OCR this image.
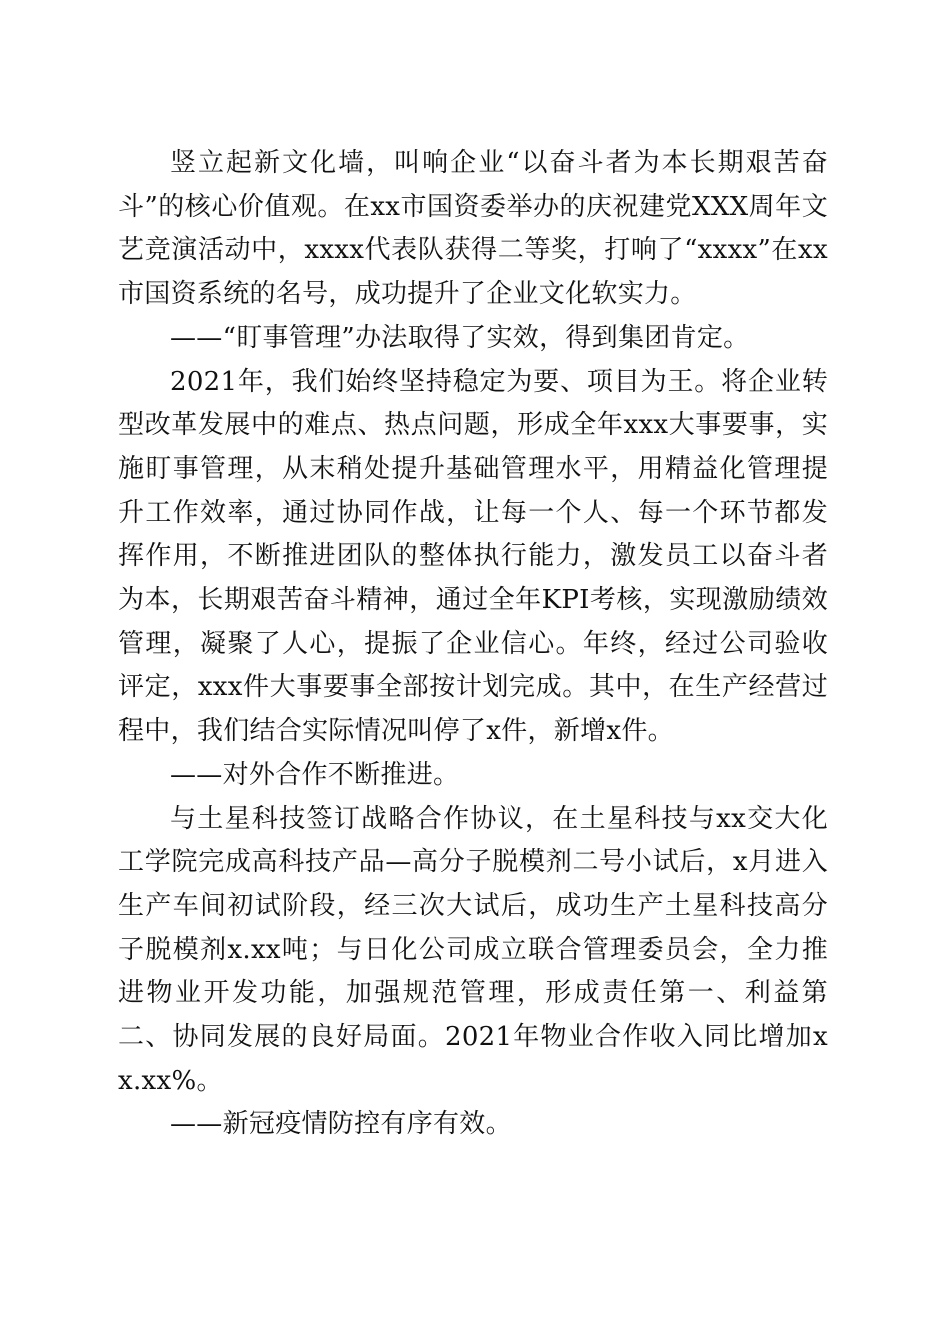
竖立起新文化墙，叫响企业“以奋斗者为本长期艰苦奋斗”的核心价值观。在xx市国资委举办的庆祝建党XXX周年文艺竞演活动中，xxxx代表队获得二等奖，打响了“xxxx”在xx市国资系统的名号，成功提升了企业文化软实力。

——“盯事管理”办法取得了实效，得到集团肯定。

2021年，我们始终坚持稳定为要、项目为王。将企业转型改革发展中的难点、热点问题，形成全年xxx大事要事，实施盯事管理，从末稍处提升基础管理水平，用精益化管理提升工作效率，通过协同作战，让每一个人、每一个环节都发挥作用，不断推进团队的整体执行能力，激发员工以奋斗者为本，长期艰苦奋斗精神，通过全年KPI考核，实现激励绩效管理，凝聚了人心，提振了企业信心。年终，经过公司验收评定，xxx件大事要事全部按计划完成。其中，在生产经营过程中，我们结合实际情况叫停了x件，新增x件。

——对外合作不断推进。

与土星科技签订战略合作协议，在土星科技与xx交大化工学院完成高科技产品—高分子脱模剂二号小试后，x月进入生产车间初试阶段，经三次大试后，成功生产土星科技高分子脱模剂x.xx吨；与日化公司成立联合管理委员会，全力推进物业开发功能，加强规范管理，形成责任第一、利益第二、协同发展的良好局面。2021年物业合作收入同比增加xx.xx%。

——新冠疫情防控有序有效。
